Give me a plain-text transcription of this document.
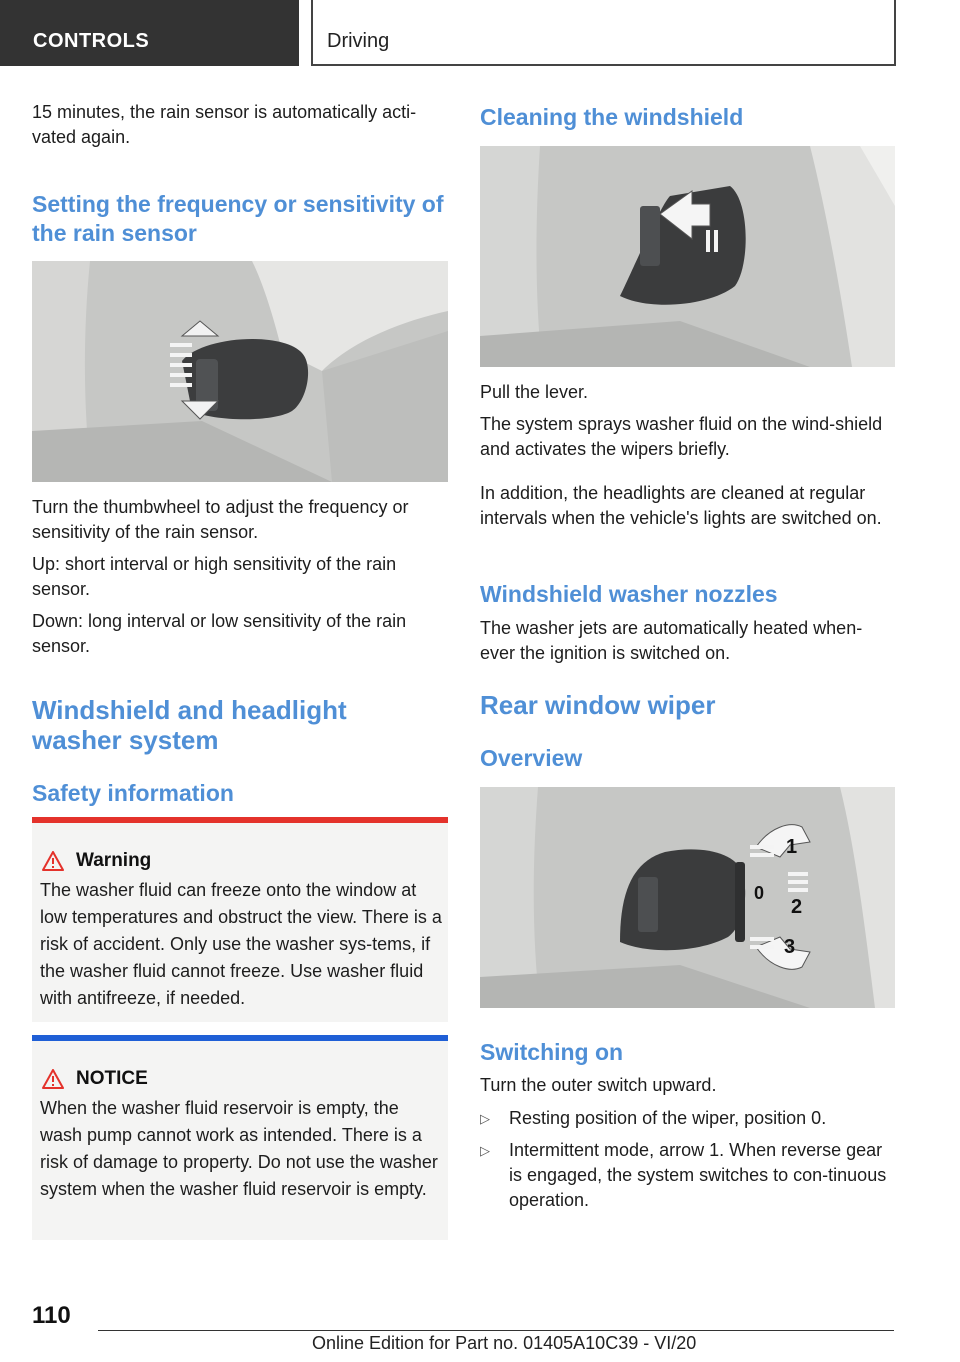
CONTROLS	Driving

15 minutes, the rain sensor is automatically acti‐vated again.

Setting the frequency or sensitivity of the rain sensor

Turn the thumbwheel to adjust the frequency or sensitivity of the rain sensor.

Up: short interval or high sensitivity of the rain sensor.

Down: long interval or low sensitivity of the rain sensor.

Windshield and headlight washer system
Safety information
Warning
The washer fluid can freeze onto the window at low temperatures and obstruct the view. There is a risk of accident. Only use the washer sys‐tems, if the washer fluid cannot freeze. Use washer fluid with antifreeze, if needed.
NOTICE
When the washer fluid reservoir is empty, the wash pump cannot work as intended. There is a risk of damage to property. Do not use the washer system when the washer fluid reservoir is empty.
Cleaning the windshield

Pull the lever.

The system sprays washer fluid on the wind‐shield and activates the wipers briefly.

In addition, the headlights are cleaned at regular intervals when the vehicle's lights are switched on.

Windshield washer nozzles

The washer jets are automatically heated when‐ever the ignition is switched on.

Rear window wiper
Overview
1
0
2
3
Switching on

Turn the outer switch upward.

▷ Resting position of the wiper, position 0.
▷ Intermittent mode, arrow 1. When reverse gear is engaged, the system switches to con‐tinuous operation.
110
Online Edition for Part no. 01405A10C39 - VI/20
